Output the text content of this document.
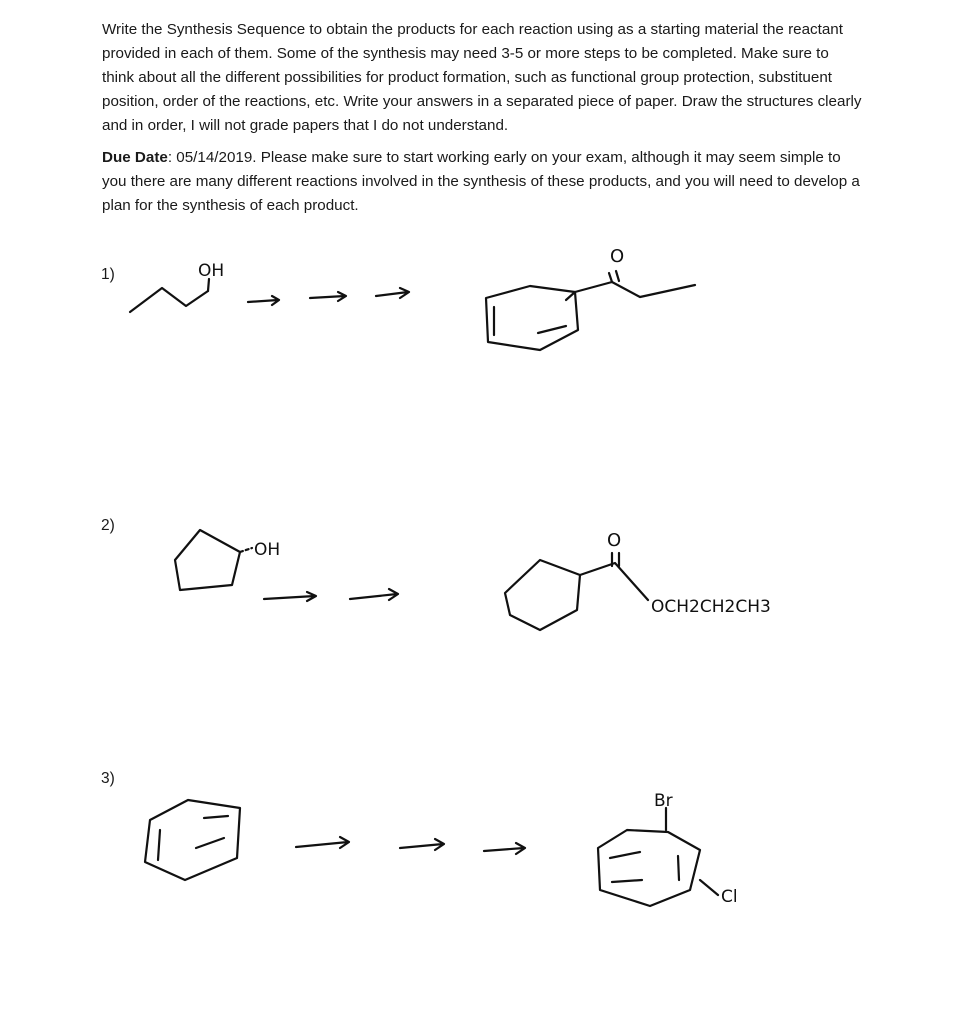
Write the Synthesis Sequence to obtain the products for each reaction using as a starting material the reactant provided in each of them. Some of the synthesis may need 3-5 or more steps to be completed. Make sure to think about all the different possibilities for product formation, such as functional group protection, substituent position, order of the reactions, etc. Write your answers in a separated piece of paper. Draw the structures clearly and in order, I will not grade papers that I do not understand.

Due Date: 05/14/2019. Please make sure to start working early on your exam, although it may seem simple to you there are many different reactions involved in the synthesis of these products, and you will need to develop a plan for the synthesis of each product.

1)
2)
3)
OH
O
OH	O
OCH2CH2CH3
Br
Cl
